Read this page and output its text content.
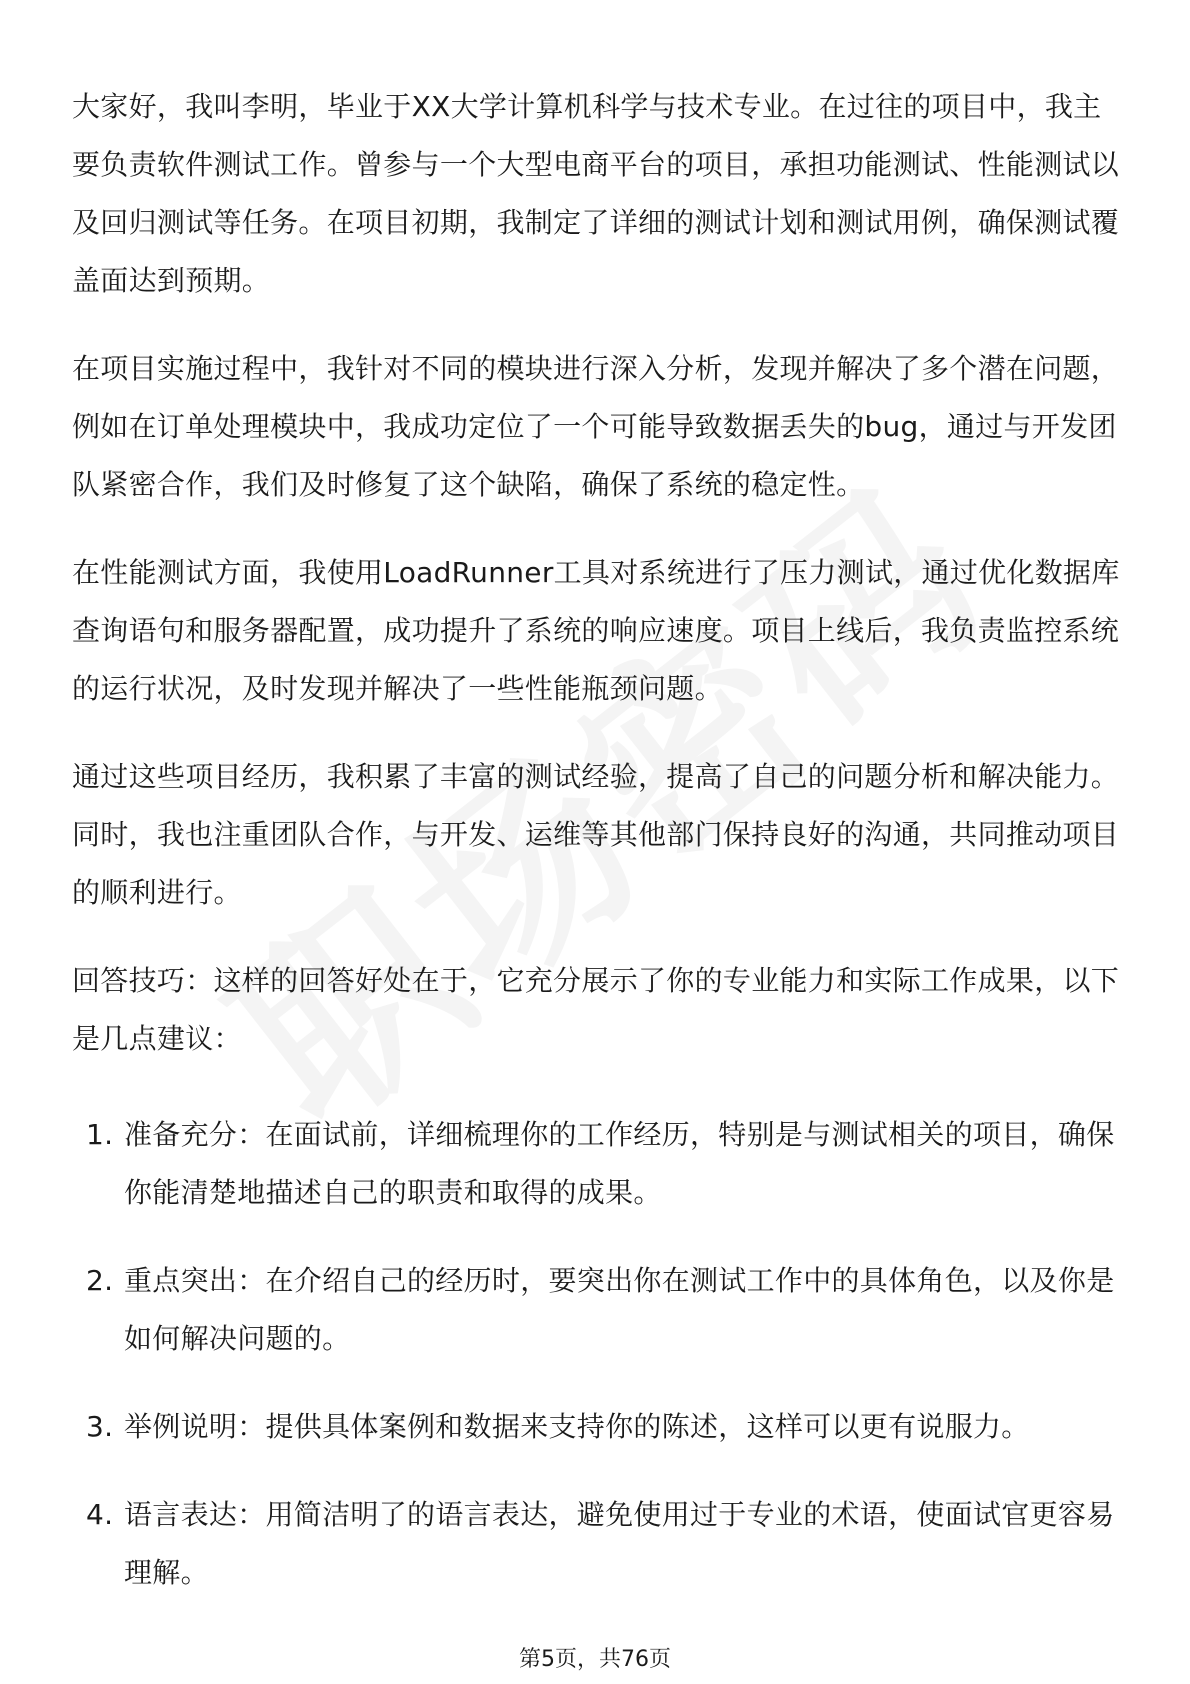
大家好，我叫李明，毕业于XX大学计算机科学与技术专业。在过往的项目中，我主要负责软件测试工作。曾参与一个大型电商平台的项目，承担功能测试、性能测试以及回归测试等任务。在项目初期，我制定了详细的测试计划和测试用例，确保测试覆盖面达到预期。

在项目实施过程中，我针对不同的模块进行深入分析，发现并解决了多个潜在问题，例如在订单处理模块中，我成功定位了一个可能导致数据丢失的bug，通过与开发团队紧密合作，我们及时修复了这个缺陷，确保了系统的稳定性。

在性能测试方面，我使用LoadRunner工具对系统进行了压力测试，通过优化数据库查询语句和服务器配置，成功提升了系统的响应速度。项目上线后，我负责监控系统的运行状况，及时发现并解决了一些性能瓶颈问题。

通过这些项目经历，我积累了丰富的测试经验，提高了自己的问题分析和解决能力。同时，我也注重团队合作，与开发、运维等其他部门保持良好的沟通，共同推动项目的顺利进行。

回答技巧：这样的回答好处在于，它充分展示了你的专业能力和实际工作成果，以下是几点建议：

1. 准备充分：在面试前，详细梳理你的工作经历，特别是与测试相关的项目，确保你能清楚地描述自己的职责和取得的成果。
2. 重点突出：在介绍自己的经历时，要突出你在测试工作中的具体角色，以及你是如何解决问题的。
3. 举例说明：提供具体案例和数据来支持你的陈述，这样可以更有说服力。
4. 语言表达：用简洁明了的语言表达，避免使用过于专业的术语，使面试官更容易理解。
第5页，共76页
